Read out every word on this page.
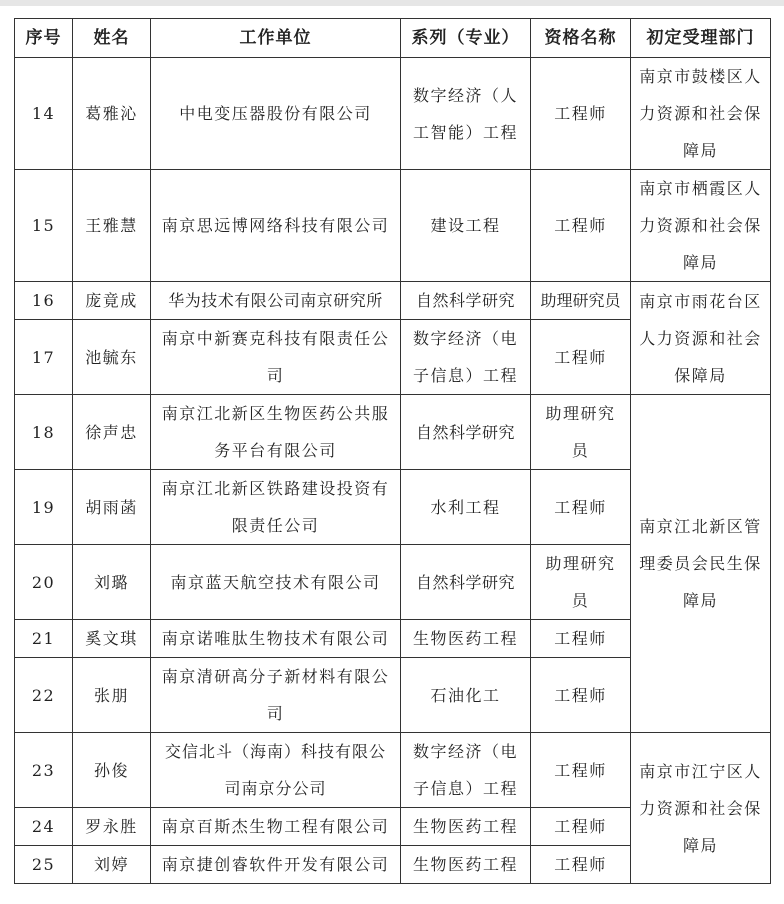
序号	姓名	工作单位	系列（专业）	资格名称	初定受理部门
14	葛雅沁	中电变压器股份有限公司	数字经济（人工智能）工程	工程师	南京市鼓楼区人力资源和社会保障局
15	王雅慧	南京思远博网络科技有限公司	建设工程	工程师	南京市栖霞区人力资源和社会保障局
16	庞竟成	华为技术有限公司南京研究所	自然科学研究	助理研究员	南京市雨花台区人力资源和社会保障局
17	池毓东	南京中新赛克科技有限责任公司	数字经济（电子信息）工程	工程师	
18	徐声忠	南京江北新区生物医药公共服务平台有限公司	自然科学研究	助理研究员	南京江北新区管理委员会民生保障局
19	胡雨菡	南京江北新区铁路建设投资有限责任公司	水利工程	工程师	
20	刘璐	南京蓝天航空技术有限公司	自然科学研究	助理研究员	
21	奚文琪	南京诺唯肽生物技术有限公司	生物医药工程	工程师	
22	张朋	南京清研高分子新材料有限公司	石油化工	工程师	
23	孙俊	交信北斗（海南）科技有限公司南京分公司	数字经济（电子信息）工程	工程师	南京市江宁区人力资源和社会保障局
24	罗永胜	南京百斯杰生物工程有限公司	生物医药工程	工程师	
25	刘婷	南京捷创睿软件开发有限公司	生物医药工程	工程师	
